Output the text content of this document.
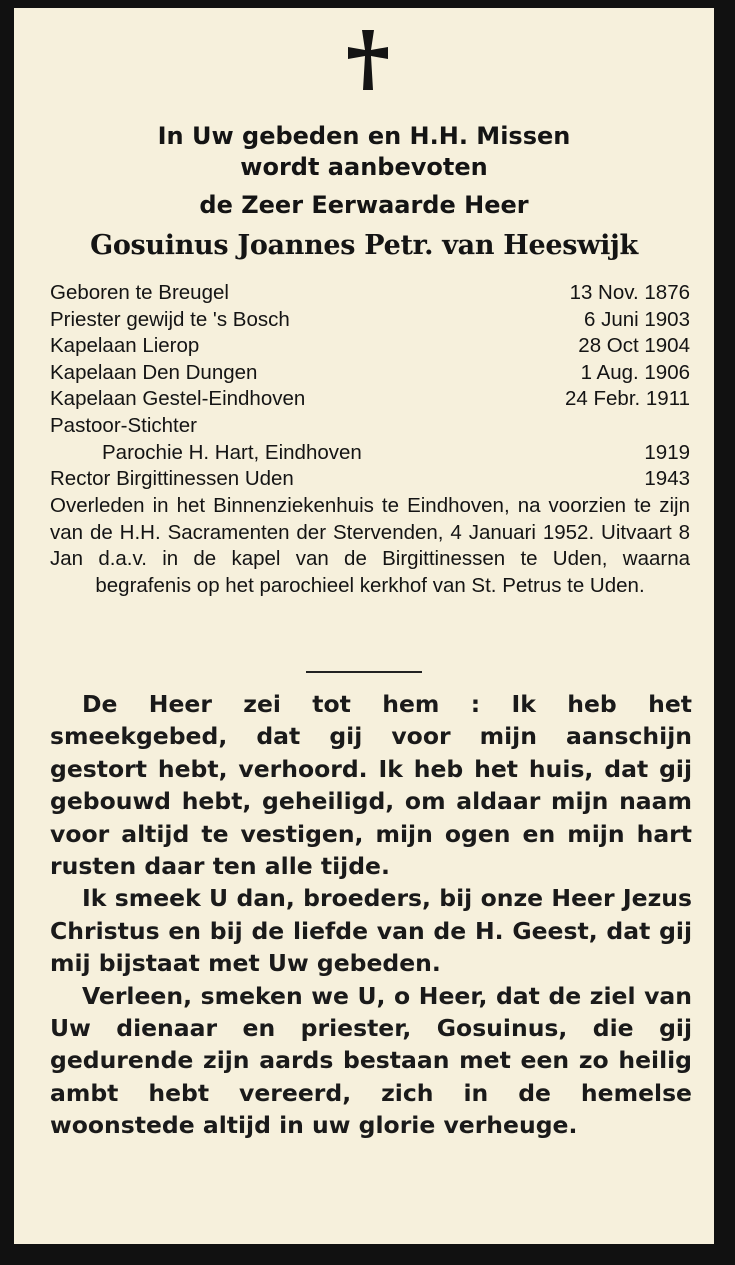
In Uw gebeden en H.H. Missen
wordt aanbevoten
de Zeer Eerwaarde Heer
Gosuinus Joannes Petr. van Heeswijk
Geboren te Breugel	13 Nov. 1876
Priester gewijd te 's Bosch	6 Juni 1903
Kapelaan Lierop	28 Oct 1904
Kapelaan Den Dungen	1 Aug. 1906
Kapelaan Gestel-Eindhoven	24 Febr. 1911
Pastoor-Stichter
Parochie H. Hart, Eindhoven	1919
Rector Birgittinessen Uden	1943
Overleden in het Binnenziekenhuis te Eindhoven, na voorzien te zijn van de H.H. Sacramenten der Stervenden, 4 Januari 1952. Uitvaart 8 Jan d.a.v. in de kapel van de Birgittinessen te Uden, waarna begrafenis op het parochieel kerkhof van St. Petrus te Uden.

De Heer zei tot hem : Ik heb het smeekgebed, dat gij voor mijn aanschijn gestort hebt, verhoord. Ik heb het huis, dat gij gebouwd hebt, geheiligd, om aldaar mijn naam voor altijd te vestigen, mijn ogen en mijn hart rusten daar ten alle tijde.

Ik smeek U dan, broeders, bij onze Heer Jezus Christus en bij de liefde van de H. Geest, dat gij mij bijstaat met Uw gebeden.

Verleen, smeken we U, o Heer, dat de ziel van Uw dienaar en priester, Gosuinus, die gij gedurende zijn aards bestaan met een zo heilig ambt hebt vereerd, zich in de hemelse woonstede altijd in uw glorie verheuge.
